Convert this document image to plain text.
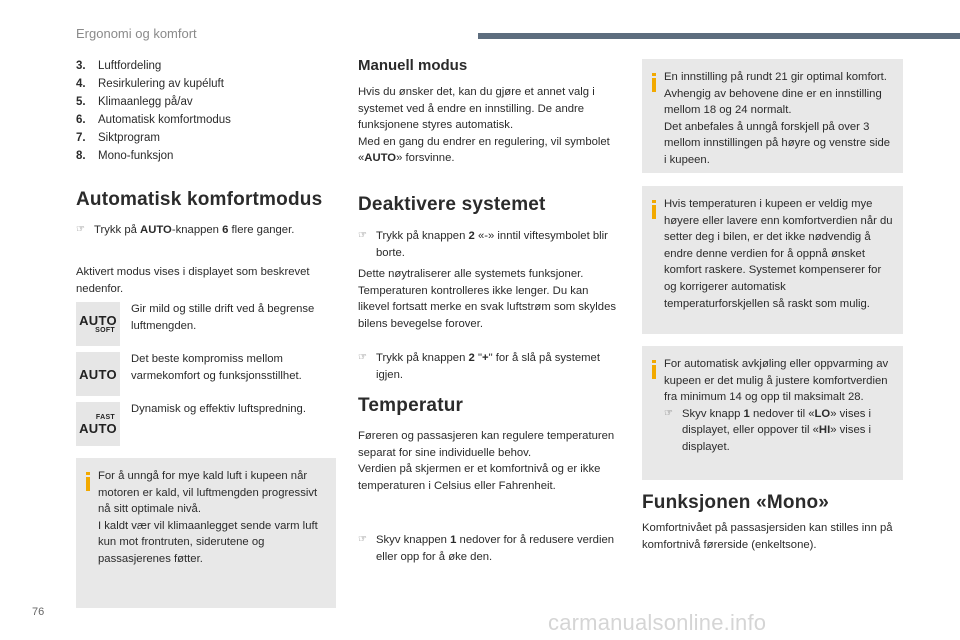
Ergonomi og komfort
3.	Luftfordeling
4.	Resirkulering av kupéluft
5.	Klimaanlegg på/av
6.	Automatisk komfortmodus
7.	Siktprogram
8.	Mono-funksjon
Automatisk komfortmodus
☞ Trykk på AUTO-knappen 6 flere ganger.
Aktivert modus vises i displayet som beskrevet nedenfor.
AUTO
SOFT
Gir mild og stille drift ved å begrense luftmengden.
AUTO
Det beste kompromiss mellom varmekomfort og funksjonsstillhet.
FAST
AUTO
Dynamisk og effektiv luftspredning.
For å unngå for mye kald luft i kupeen når motoren er kald, vil luftmengden progressivt nå sitt optimale nivå.
I kaldt vær vil klimaanlegget sende varm luft kun mot frontruten, siderutene og passasjerenes føtter.
Manuell modus
Hvis du ønsker det, kan du gjøre et annet valg i systemet ved å endre en innstilling. De andre funksjonene styres automatisk.
Med en gang du endrer en regulering, vil symbolet «AUTO» forsvinne.
Deaktivere systemet
☞ Trykk på knappen 2 «-» inntil viftesymbolet blir borte.
Dette nøytraliserer alle systemets funksjoner.
Temperaturen kontrolleres ikke lenger. Du kan likevel fortsatt merke en svak luftstrøm som skyldes bilens bevegelse forover.
☞ Trykk på knappen 2 "+" for å slå på systemet igjen.
Temperatur
Føreren og passasjeren kan regulere temperaturen separat for sine individuelle behov.
Verdien på skjermen er et komfortnivå og er ikke temperaturen i Celsius eller Fahrenheit.
☞ Skyv knappen 1 nedover for å redusere verdien eller opp for å øke den.
En innstilling på rundt 21 gir optimal komfort. Avhengig av behovene dine er en innstilling mellom 18 og 24 normalt.
Det anbefales å unngå forskjell på over 3 mellom innstillingen på høyre og venstre side i kupeen.
Hvis temperaturen i kupeen er veldig mye høyere eller lavere enn komfortverdien når du setter deg i bilen, er det ikke nødvendig å endre denne verdien for å oppnå ønsket komfort raskere. Systemet kompenserer for og korrigerer automatisk temperaturforskjellen så raskt som mulig.
For automatisk avkjøling eller oppvarming av kupeen er det mulig å justere komfortverdien fra minimum 14 og opp til maksimalt 28.
☞ Skyv knapp 1 nedover til «LO» vises i displayet, eller oppover til «HI» vises i displayet.
Funksjonen «Mono»
Komfortnivået på passasjersiden kan stilles inn på komfortnivå førerside (enkeltsone).
76	carmanualsonline.info
